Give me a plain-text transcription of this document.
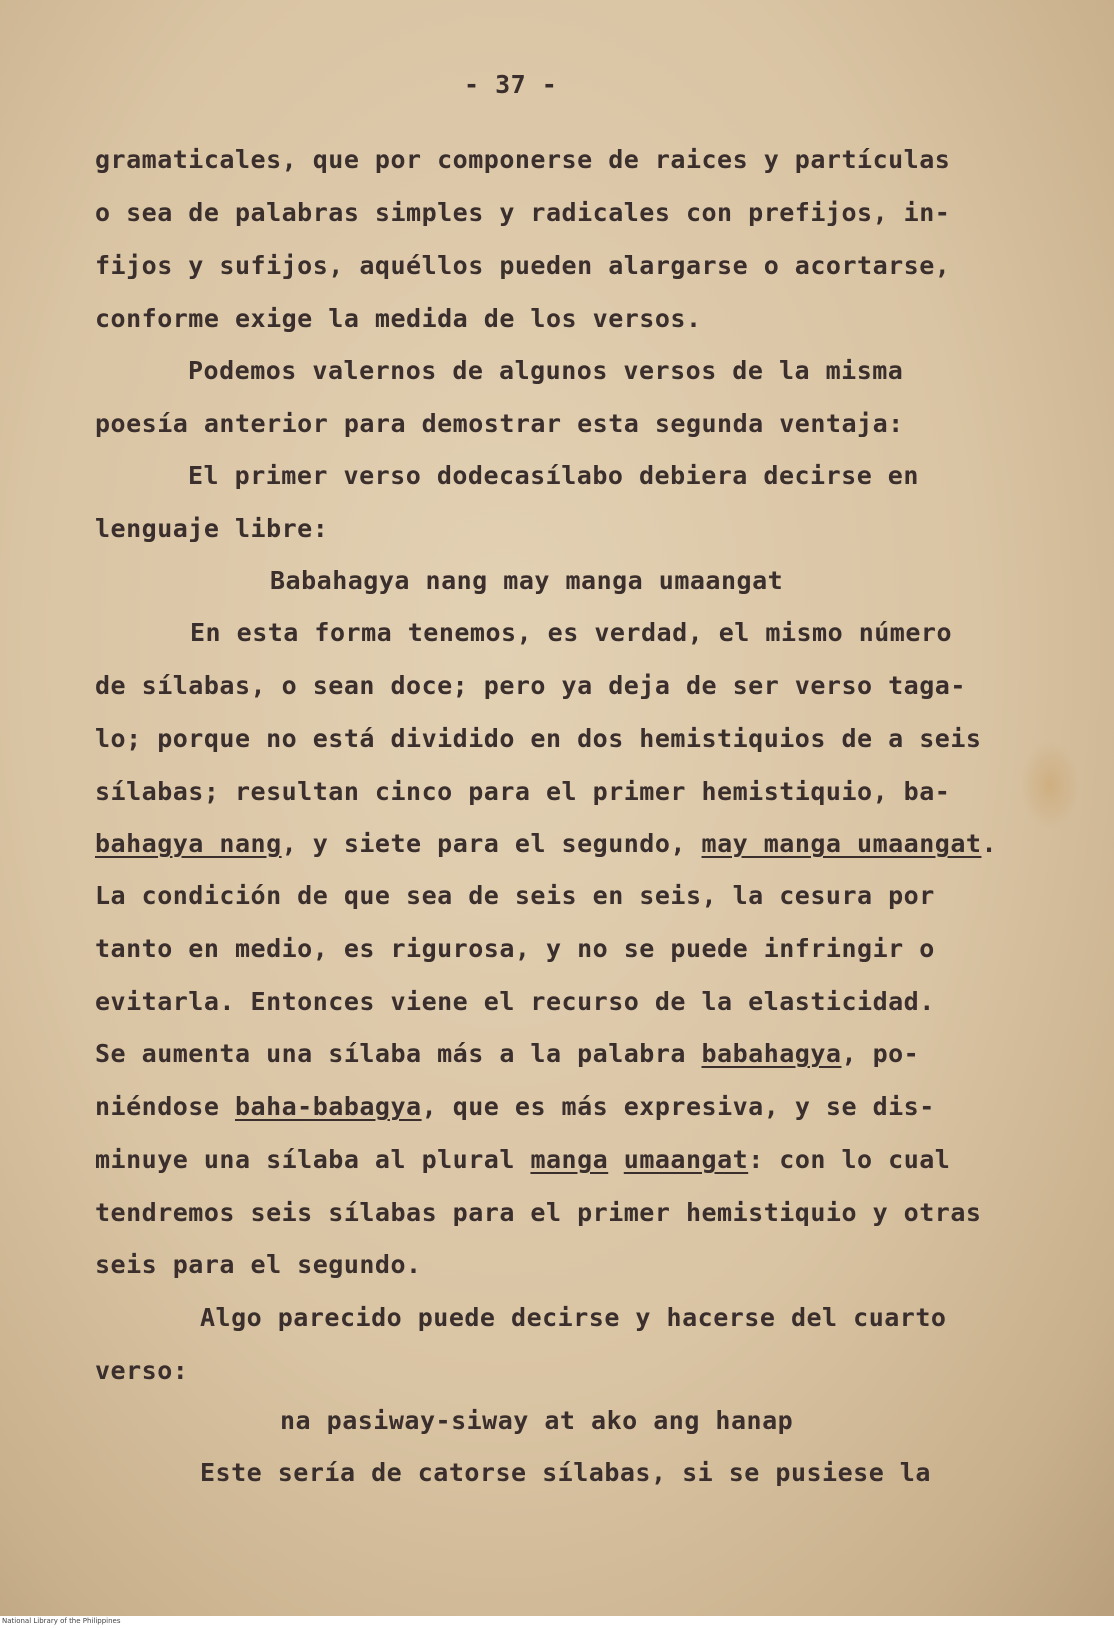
- 37 -
gramaticales, que por componerse de raices y partículas
o sea de palabras simples y radicales con prefijos, in-
fijos y sufijos, aquéllos pueden alargarse o acortarse,
conforme exige la medida de los versos.
Podemos valernos de algunos versos de la misma
poesía anterior para demostrar esta segunda ventaja:
El primer verso dodecasílabo debiera decirse en
lenguaje libre:
Babahagya nang may manga umaangat
En esta forma tenemos, es verdad, el mismo número
de sílabas, o sean doce; pero ya deja de ser verso taga-
lo; porque no está dividido en dos hemistiquios de a seis
sílabas; resultan cinco para el primer hemistiquio, ba-
bahagya nang, y siete para el segundo, may manga umaangat.
La condición de que sea de seis en seis, la cesura por
tanto en medio, es rigurosa, y no se puede infringir o
evitarla. Entonces viene el recurso de la elasticidad.
Se aumenta una sílaba más a la palabra babahagya, po-
niéndose baha-babagya, que es más expresiva, y se dis-
minuye una sílaba al plural manga umaangat: con lo cual
tendremos seis sílabas para el primer hemistiquio y otras
seis para el segundo.
Algo parecido puede decirse y hacerse del cuarto
verso:
na pasiway-siway at ako ang hanap
Este sería de catorse sílabas, si se pusiese la
National Library of the Philippines
